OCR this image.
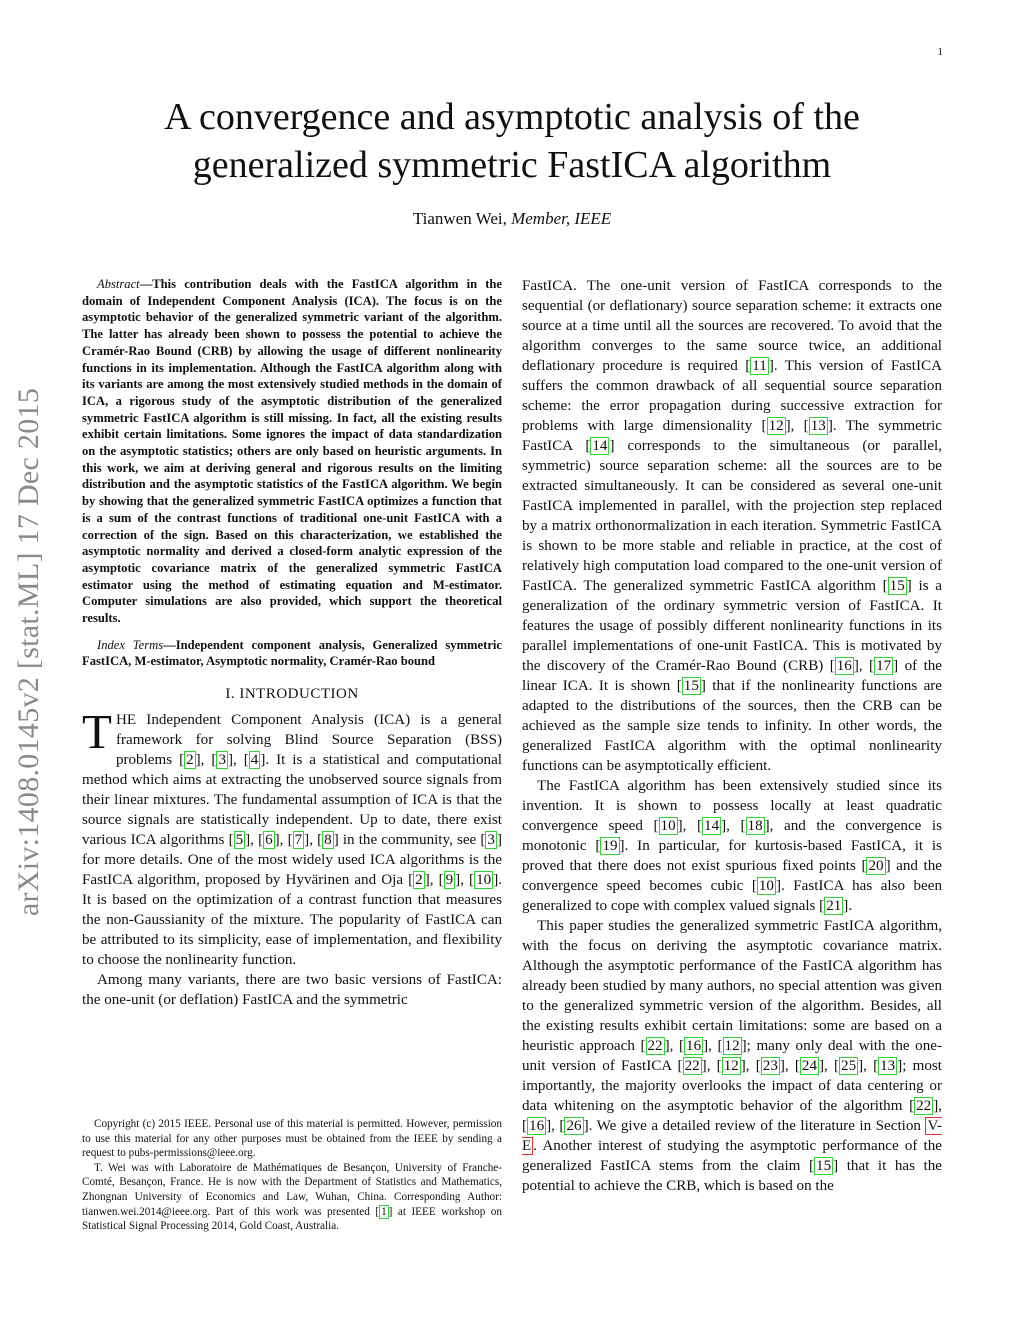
1
arXiv:1408.0145v2 [stat.ML] 17 Dec 2015
A convergence and asymptotic analysis of the
generalized symmetric FastICA algorithm
Tianwen Wei, Member, IEEE

Abstract—This contribution deals with the FastICA algorithm in the domain of Independent Component Analysis (ICA). The focus is on the asymptotic behavior of the generalized symmetric variant of the algorithm. The latter has already been shown to possess the potential to achieve the Cramér-Rao Bound (CRB) by allowing the usage of different nonlinearity functions in its implementation. Although the FastICA algorithm along with its variants are among the most extensively studied methods in the domain of ICA, a rigorous study of the asymptotic distribution of the generalized symmetric FastICA algorithm is still missing. In fact, all the existing results exhibit certain limitations. Some ignores the impact of data standardization on the asymptotic statistics; others are only based on heuristic arguments. In this work, we aim at deriving general and rigorous results on the limiting distribution and the asymptotic statistics of the FastICA algorithm. We begin by showing that the generalized symmetric FastICA optimizes a function that is a sum of the contrast functions of traditional one-unit FastICA with a correction of the sign. Based on this characterization, we established the asymptotic normality and derived a closed-form analytic expression of the asymptotic covariance matrix of the generalized symmetric FastICA estimator using the method of estimating equation and M-estimator. Computer simulations are also provided, which support the theoretical results.

Index Terms—Independent component analysis, Generalized symmetric FastICA, M-estimator, Asymptotic normality, Cramér-Rao bound

I. INTRODUCTION

THE Independent Component Analysis (ICA) is a general framework for solving Blind Source Separation (BSS) problems [ 2 ], [ 3 ], [ 4 ]. It is a statistical and computational method which aims at extracting the unobserved source signals from their linear mixtures. The fundamental assumption of ICA is that the source signals are statistically independent. Up to date, there exist various ICA algorithms [ 5 ], [ 6 ], [ 7 ], [ 8 ] in the community, see [ 3 ] for more details. One of the most widely used ICA algorithms is the FastICA algorithm, proposed by Hyvärinen and Oja [ 2 ], [ 9 ], [ 10 ]. It is based on the optimization of a contrast function that measures the non-Gaussianity of the mixture. The popularity of FastICA can be attributed to its simplicity, ease of implementation, and flexibility to choose the nonlinearity function.

Among many variants, there are two basic versions of FastICA: the one-unit (or deflation) FastICA and the symmetric

Copyright (c) 2015 IEEE. Personal use of this material is permitted. However, permission to use this material for any other purposes must be obtained from the IEEE by sending a request to pubs-permissions@ieee.org.

T. Wei was with Laboratoire de Mathématiques de Besançon, University of Franche-Comté, Besançon, France. He is now with the Department of Statistics and Mathematics, Zhongnan University of Economics and Law, Wuhan, China. Corresponding Author: tianwen.wei.2014@ieee.org. Part of this work was presented [ 1 ] at IEEE workshop on Statistical Signal Processing 2014, Gold Coast, Australia.

FastICA. The one-unit version of FastICA corresponds to the sequential (or deflationary) source separation scheme: it extracts one source at a time until all the sources are recovered. To avoid that the algorithm converges to the same source twice, an additional deflationary procedure is required [ 11 ]. This version of FastICA suffers the common drawback of all sequential source separation scheme: the error propagation during successive extraction for problems with large dimensionality [ 12 ], [ 13 ]. The symmetric FastICA [ 14 ] corresponds to the simultaneous (or parallel, symmetric) source separation scheme: all the sources are to be extracted simultaneously. It can be considered as several one-unit FastICA implemented in parallel, with the projection step replaced by a matrix orthonormalization in each iteration. Symmetric FastICA is shown to be more stable and reliable in practice, at the cost of relatively high computation load compared to the one-unit version of FastICA. The generalized symmetric FastICA algorithm [ 15 ] is a generalization of the ordinary symmetric version of FastICA. It features the usage of possibly different nonlinearity functions in its parallel implementations of one-unit FastICA. This is motivated by the discovery of the Cramér-Rao Bound (CRB) [ 16 ], [ 17 ] of the linear ICA. It is shown [ 15 ] that if the nonlinearity functions are adapted to the distributions of the sources, then the CRB can be achieved as the sample size tends to infinity. In other words, the generalized FastICA algorithm with the optimal nonlinearity functions can be asymptotically efficient.

The FastICA algorithm has been extensively studied since its invention. It is shown to possess locally at least quadratic convergence speed [ 10 ], [ 14 ], [ 18 ], and the convergence is monotonic [ 19 ]. In particular, for kurtosis-based FastICA, it is proved that there does not exist spurious fixed points [ 20 ] and the convergence speed becomes cubic [ 10 ]. FastICA has also been generalized to cope with complex valued signals [ 21 ].

This paper studies the generalized symmetric FastICA algorithm, with the focus on deriving the asymptotic covariance matrix. Although the asymptotic performance of the FastICA algorithm has already been studied by many authors, no special attention was given to the generalized symmetric version of the algorithm. Besides, all the existing results exhibit certain limitations: some are based on a heuristic approach [ 22 ], [ 16 ], [ 12 ]; many only deal with the one-unit version of FastICA [ 22 ], [ 12 ], [ 23 ], [ 24 ], [ 25 ], [ 13 ]; most importantly, the majority overlooks the impact of data centering or data whitening on the asymptotic behavior of the algorithm [ 22 ], [ 16 ], [ 26 ]. We give a detailed review of the literature in Section V-E . Another interest of studying the asymptotic performance of the generalized FastICA stems from the claim [ 15 ] that it has the potential to achieve the CRB, which is based on the
